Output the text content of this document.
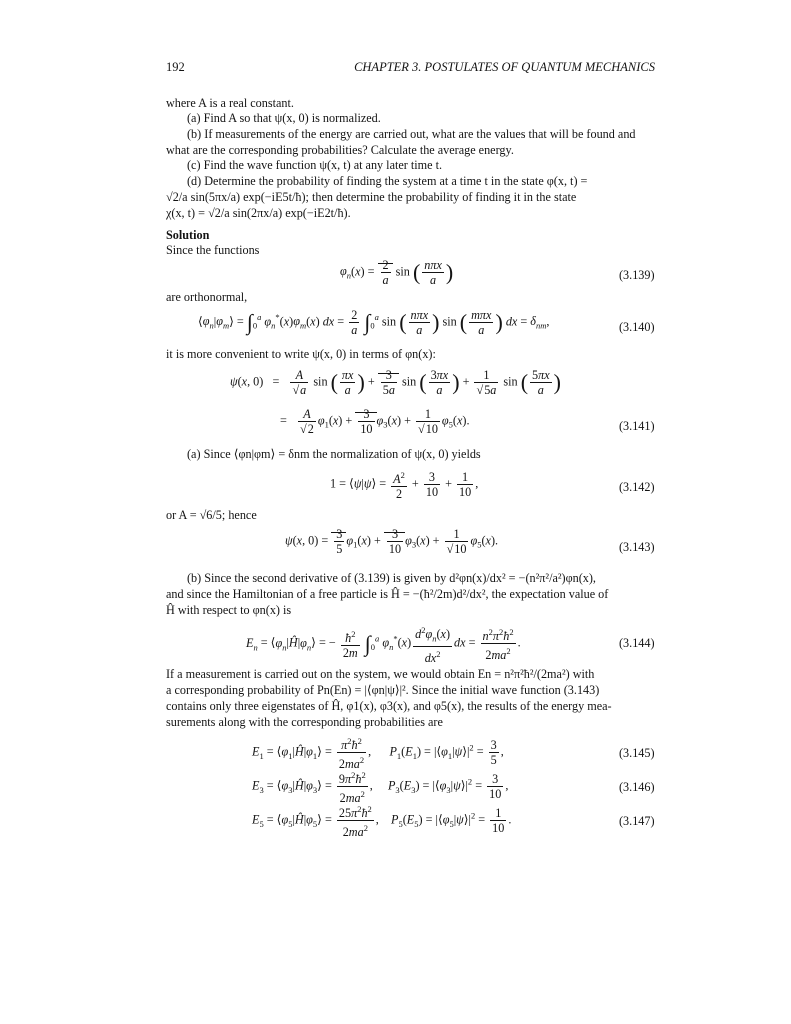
192	CHAPTER 3. POSTULATES OF QUANTUM MECHANICS
where A is a real constant.
(a) Find A so that ψ(x, 0) is normalized.
(b) If measurements of the energy are carried out, what are the values that will be found and
what are the corresponding probabilities? Calculate the average energy.
(c) Find the wave function ψ(x, t) at any later time t.
(d) Determine the probability of finding the system at a time t in the state φ(x, t) =
√2/a sin(5πx/a) exp(−iE5t/ħ); then determine the probability of finding it in the state
χ(x, t) = √2/a sin(2πx/a) exp(−iE2t/ħ).
Solution
Since the functions
$\varphi_n(x) = \frac{2}{a}$ sin ( $\frac{\text{nπx}}{a}$ )	(3.139)
are orthonormal,
$⟨\varphi_n|\varphi_m⟩ = \int_0^a$ $\varphi_n^*(x)\varphi_m(x)$ dx = $\frac{2}{a} \int_0^a$ sin ( $\frac{\text{nπx}}{a}$ ) sin ( $\frac{\text{mπx}}{a}$ ) dx = $\delta_{nm}$,	(3.140)
it is more convenient to write ψ(x, 0) in terms of φn(x):
ψ(x, $0) = \frac{A}{√a}$ sin ( $\frac{\pi x}{a}$ ) + $\frac{3}{5a}$ sin ( $\frac{3\pi x}{a}$ ) + $\frac{1}{√5a}$ sin ( $\frac{5\pi x}{a}$ )
= $\frac{A}{√2} \varphi_1(x) + \frac{3}{10} \varphi_3(x) + \frac{1}{√10} \varphi_5(x)$.	(3.141)
(a) Since ⟨φn|φm⟩ = δnm the normalization of ψ(x, 0) yields
1 = ⟨ψ|ψ⟩ = $\frac{A^2}{2} + \frac{3}{10} + \frac{1}{10}$ ,	(3.142)
or A = √6/5; hence
ψ(x, $0) = \frac{3}{5} \varphi_1(x) + \frac{3}{10} \varphi_3(x) + \frac{1}{√10} \varphi_5(x)$.	(3.143)
(b) Since the second derivative of (3.139) is given by d²φn(x)/dx² = −(n²π²/a²)φn(x),
and since the Hamiltonian of a free particle is Ĥ = −(ħ²/2m)d²/dx², the expectation value of
Ĥ with respect to φn(x) is
$E_n$ = $⟨\varphi_n|Ĥ|\varphi_n⟩$ = − $\frac{ħ^2}{2m} \int_0^a$ $\varphi_n^*(x) \frac{d^2\varphi_n(x)}{dx^2}$ dx = $\frac{n^2\pi^2ħ^2}{2ma^2}$ .	(3.144)
If a measurement is carried out on the system, we would obtain En = n²π²ħ²/(2ma²) with
a corresponding probability of Pn(En) = |⟨φn|ψ⟩|². Since the initial wave function (3.143)
contains only three eigenstates of Ĥ, φ1(x), φ3(x), and φ5(x), the results of the energy mea-
surements along with the corresponding probabilities are
$E_1$ = $⟨\varphi_1|Ĥ|\varphi_1⟩ = \frac{\pi^2ħ^2}{2ma^2}$ ,      $P_1(E_1)$ = $|⟨\varphi_1|\psi⟩|^2 = \frac{3}{5}$ ,	(3.145)
$E_3$ = $⟨\varphi_3|Ĥ|\varphi_3⟩ = \frac{9\pi^2ħ^2}{2ma^2}$ ,     $P_3(E_3)$ = $|⟨\varphi_3|\psi⟩|^2 = \frac{3}{10}$ ,	(3.146)
$E_5$ = $⟨\varphi_5|Ĥ|\varphi_5⟩ = \frac{25\pi^2ħ^2}{2ma^2}$ ,    $P_5(E_5)$ = $|⟨\varphi_5|\psi⟩|^2 = \frac{1}{10}$ .	(3.147)
